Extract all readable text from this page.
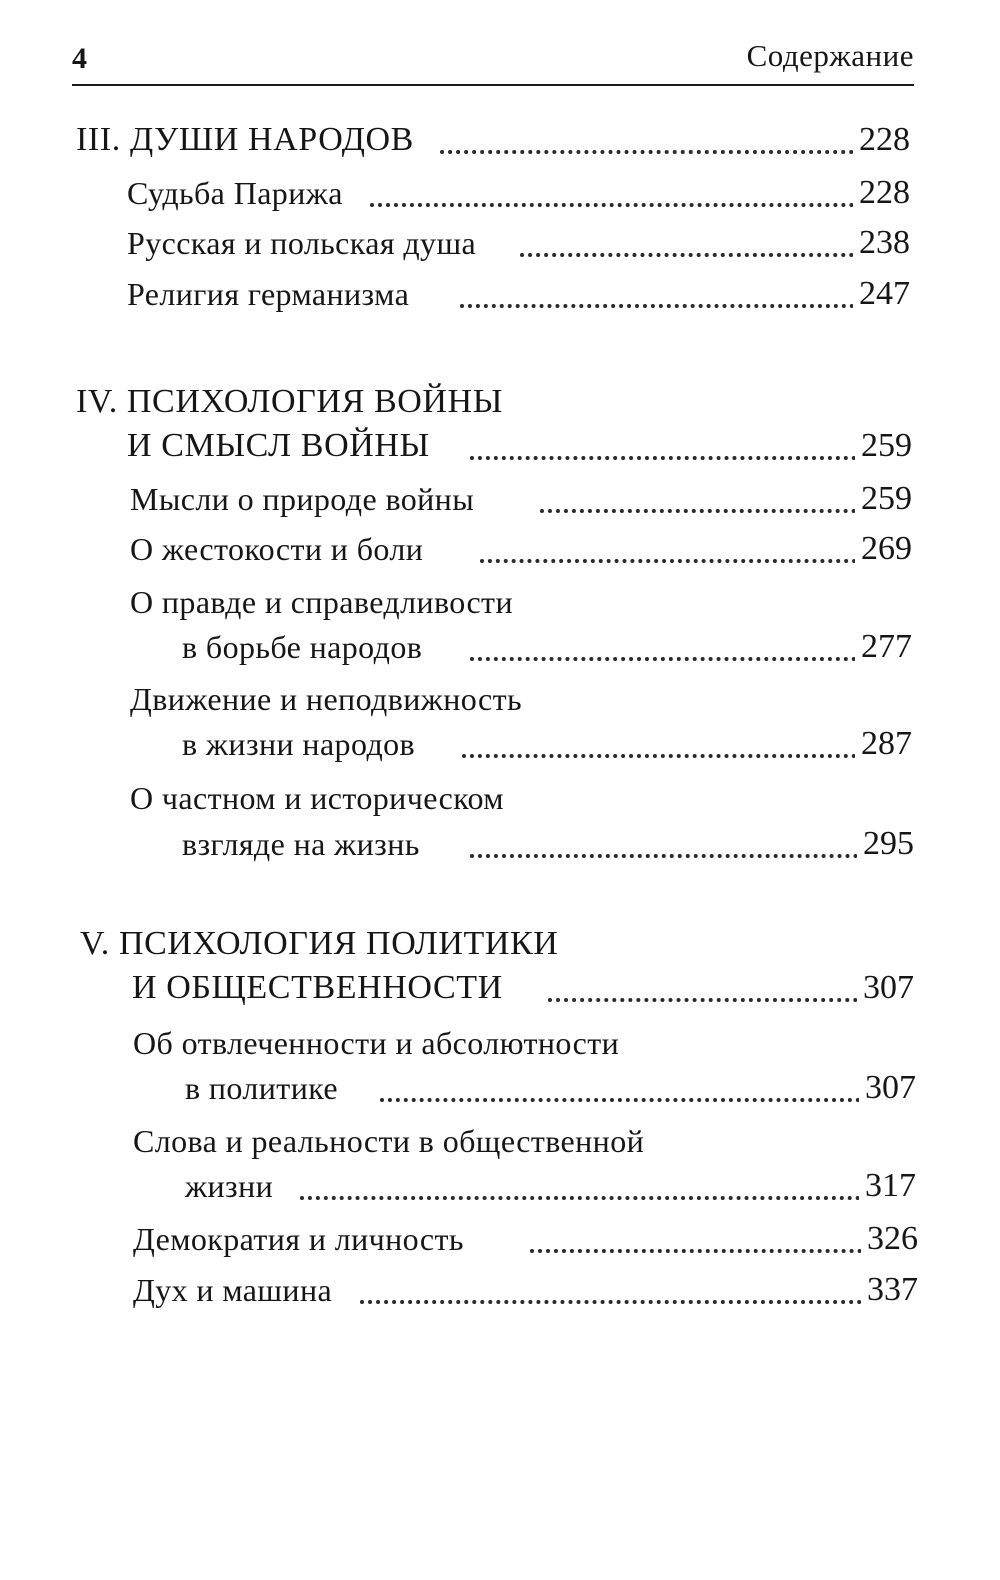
4	Содержание
III. ДУШИ НАРОДОВ	228
Судьба Парижа	228
Русская и польская душа	238
Религия германизма	247
IV. ПСИХОЛОГИЯ ВОЙНЫ
И СМЫСЛ ВОЙНЫ	259
Мысли о природе войны	259
О жестокости и боли	269
О правде и справедливости
в борьбе народов	277
Движение и неподвижность
в жизни народов	287
О частном и историческом
взгляде на жизнь	295
V. ПСИХОЛОГИЯ ПОЛИТИКИ
И ОБЩЕСТВЕННОСТИ	307
Об отвлеченности и абсолютности
в политике	307
Слова и реальности в общественной
жизни	317
Демократия и личность	326
Дух и машина	337
